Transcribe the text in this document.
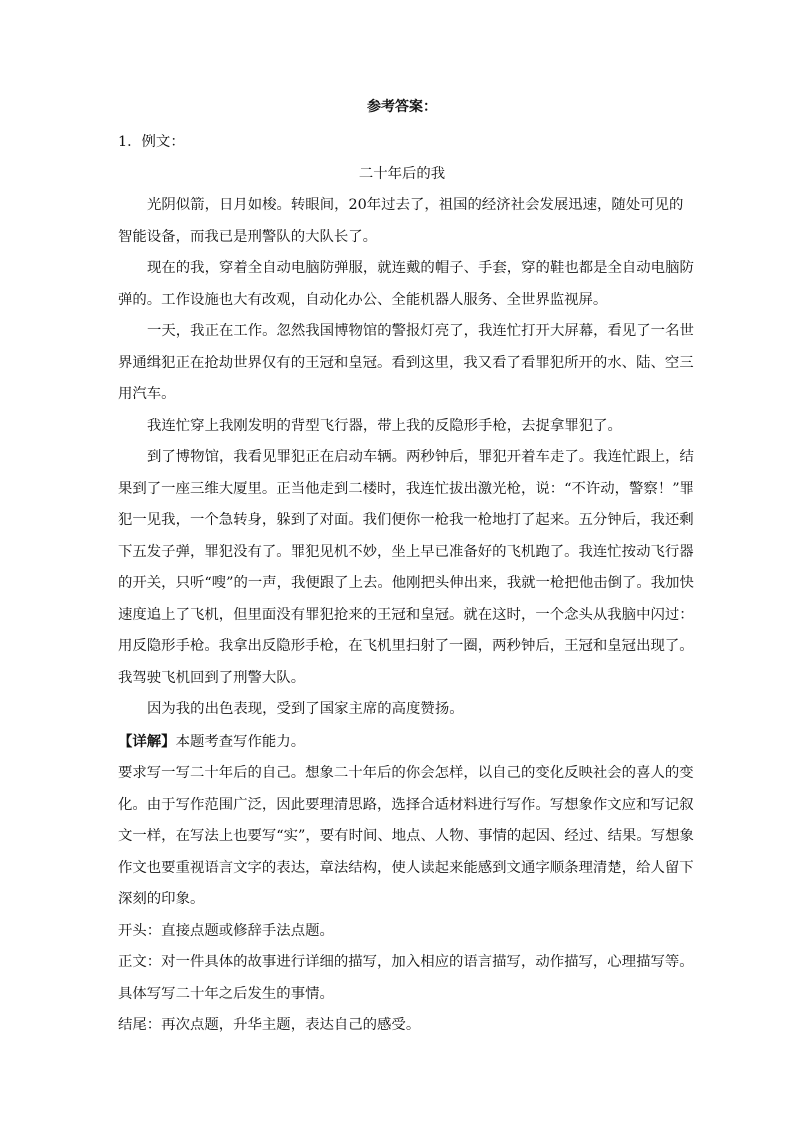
参考答案：
1．例文：
二十年后的我
光阴似箭，日月如梭。转眼间，20年过去了，祖国的经济社会发展迅速，随处可见的
智能设备，而我已是刑警队的大队长了。
现在的我，穿着全自动电脑防弹服，就连戴的帽子、手套，穿的鞋也都是全自动电脑防
弹的。工作设施也大有改观，自动化办公、全能机器人服务、全世界监视屏。
一天，我正在工作。忽然我国博物馆的警报灯亮了，我连忙打开大屏幕，看见了一名世
界通缉犯正在抢劫世界仅有的王冠和皇冠。看到这里，我又看了看罪犯所开的水、陆、空三
用汽车。
我连忙穿上我刚发明的背型飞行器，带上我的反隐形手枪，去捉拿罪犯了。
到了博物馆，我看见罪犯正在启动车辆。两秒钟后，罪犯开着车走了。我连忙跟上，结
果到了一座三维大厦里。正当他走到二楼时，我连忙拔出激光枪，说：“不许动，警察！”罪
犯一见我，一个急转身，躲到了对面。我们便你一枪我一枪地打了起来。五分钟后，我还剩
下五发子弹，罪犯没有了。罪犯见机不妙，坐上早已准备好的飞机跑了。我连忙按动飞行器
的开关，只听“嗖”的一声，我便跟了上去。他刚把头伸出来，我就一枪把他击倒了。我加快
速度追上了飞机，但里面没有罪犯抢来的王冠和皇冠。就在这时，一个念头从我脑中闪过：
用反隐形手枪。我拿出反隐形手枪，在飞机里扫射了一圈，两秒钟后，王冠和皇冠出现了。
我驾驶飞机回到了刑警大队。
因为我的出色表现，受到了国家主席的高度赞扬。
【详解】本题考查写作能力。
要求写一写二十年后的自己。想象二十年后的你会怎样，以自己的变化反映社会的喜人的变
化。由于写作范围广泛，因此要理清思路，选择合适材料进行写作。写想象作文应和写记叙
文一样，在写法上也要写“实”，要有时间、地点、人物、事情的起因、经过、结果。写想象
作文也要重视语言文字的表达，章法结构，使人读起来能感到文通字顺条理清楚，给人留下
深刻的印象。
开头：直接点题或修辞手法点题。
正文：对一件具体的故事进行详细的描写，加入相应的语言描写，动作描写，心理描写等。
具体写写二十年之后发生的事情。
结尾：再次点题，升华主题，表达自己的感受。
